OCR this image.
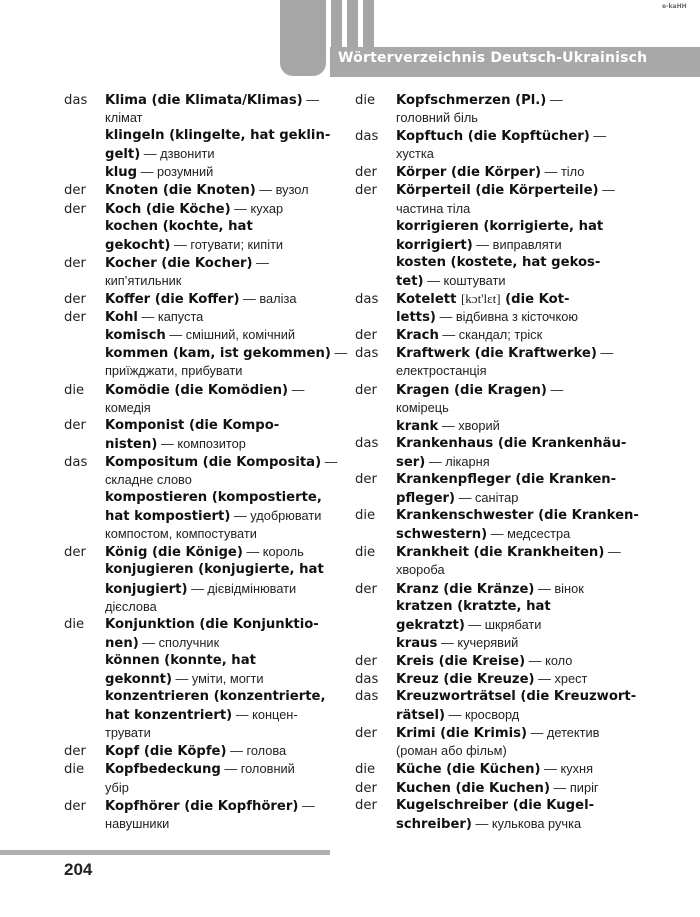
Wörterverzeichnis Deutsch-Ukrainisch
e-kaHH
das Klima (die Klimata/Klimas) —
клімат
klingeln (klingelte, hat geklin-
gelt) — дзвонити
klug — розумний
der Knoten (die Knoten) — вузол
der Koch (die Köche) — кухар
kochen (kochte, hat
gekocht) — готувати; кипіти
der Kocher (die Kocher) —
кип’ятильник
der Koffer (die Koffer) — валіза
der Kohl — капуста
komisch — смішний, комічний
kommen (kam, ist gekommen) —
приїжджати, прибувати
die Komödie (die Komödien) —
комедія
der Komponist (die Kompo-
nisten) — композитор
das Kompositum (die Komposita) —
складне слово
kompostieren (kompostierte,
hat kompostiert) — удобрювати
компостом, компостувати
der König (die Könige) — король
konjugieren (konjugierte, hat
konjugiert) — дієвідмінювати
дієслова
die Konjunktion (die Konjunktio-
nen) — сполучник
können (konnte, hat
gekonnt) — уміти, могти
konzentrieren (konzentrierte,
hat konzentriert) — концен-
трувати
der Kopf (die Köpfe) — голова
die Kopfbedeckung — головний
убір
der Kopfhörer (die Kopfhörer) —
навушники
die Kopfschmerzen (Pl.) —
головний біль
das Kopftuch (die Kopftücher) —
хустка
der Körper (die Körper) — тіло
der Körperteil (die Körperteile) —
частина тіла
korrigieren (korrigierte, hat
korrigiert) — виправляти
kosten (kostete, hat gekos-
tet) — коштувати
das Kotelett [kɔt'lɛt] (die Kot-
letts) — відбивна з кісточкою
der Krach — скандал; тріск
das Kraftwerk (die Kraftwerke) —
електростанція
der Kragen (die Kragen) —
комірець
krank — хворий
das Krankenhaus (die Krankenhäu-
ser) — лікарня
der Krankenpfleger (die Kranken-
pfleger) — санітар
die Krankenschwester (die Kranken-
schwestern) — медсестра
die Krankheit (die Krankheiten) —
хвороба
der Kranz (die Kränze) — вінок
kratzen (kratzte, hat
gekratzt) — шкрябати
kraus — кучерявий
der Kreis (die Kreise) — коло
das Kreuz (die Kreuze) — хрест
das Kreuzworträtsel (die Kreuzwort-
rätsel) — кросворд
der Krimi (die Krimis) — детектив
(роман або фільм)
die Küche (die Küchen) — кухня
der Kuchen (die Kuchen) — пиріг
der Kugelschreiber (die Kugel-
schreiber) — кулькова ручка
204
